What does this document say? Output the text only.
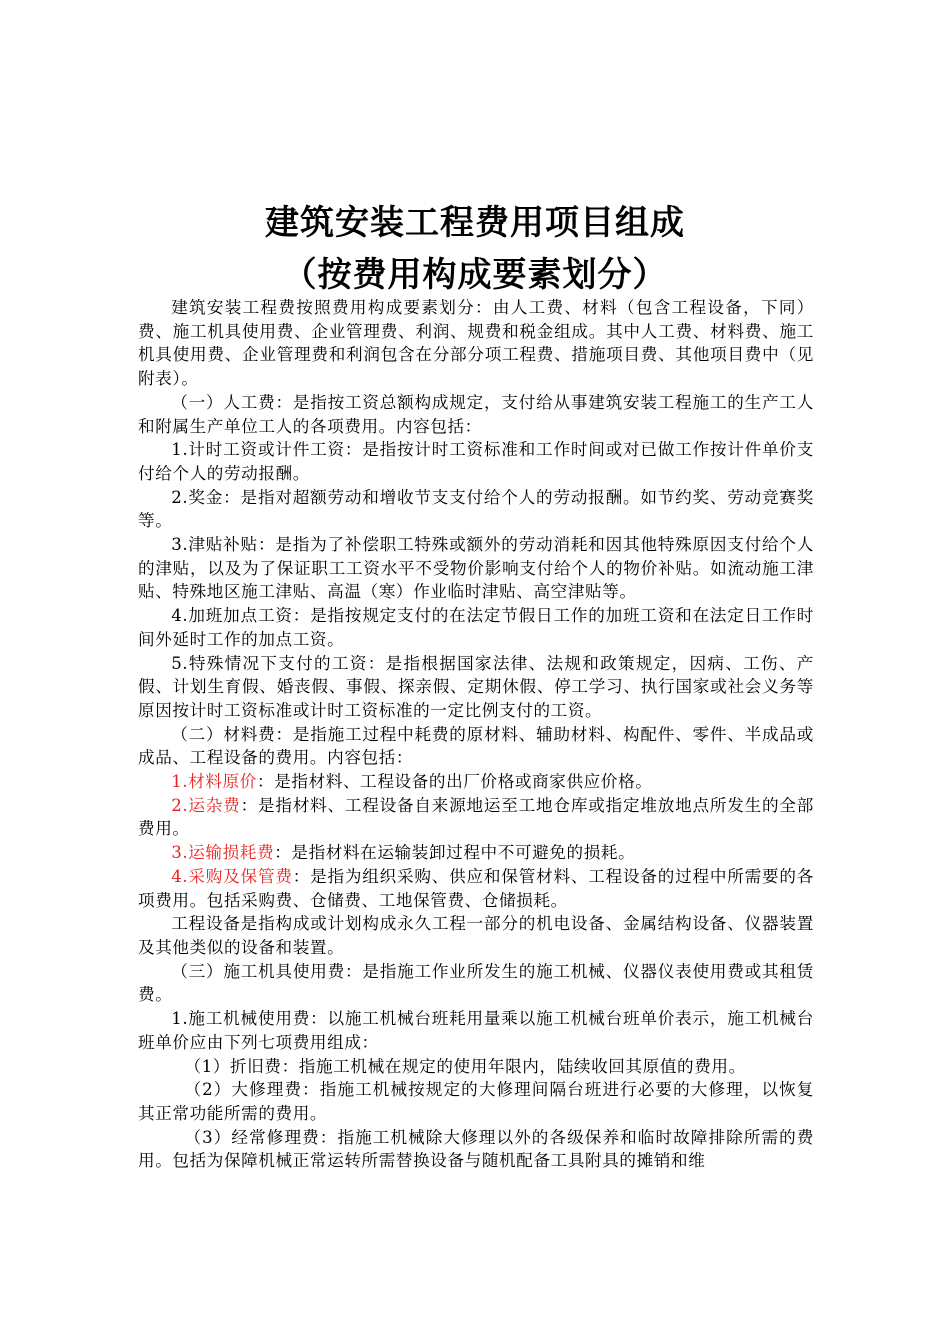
建筑安装工程费用项目组成
（按费用构成要素划分）

建筑安装工程费按照费用构成要素划分：由人工费、材料（包含工程设备，下同）费、施工机具使用费、企业管理费、利润、规费和税金组成。其中人工费、材料费、施工机具使用费、企业管理费和利润包含在分部分项工程费、措施项目费、其他项目费中（见附表）。

（一）人工费：是指按工资总额构成规定，支付给从事建筑安装工程施工的生产工人和附属生产单位工人的各项费用。内容包括：

1.计时工资或计件工资：是指按计时工资标准和工作时间或对已做工作按计件单价支付给个人的劳动报酬。

2.奖金：是指对超额劳动和增收节支支付给个人的劳动报酬。如节约奖、劳动竞赛奖等。

3.津贴补贴：是指为了补偿职工特殊或额外的劳动消耗和因其他特殊原因支付给个人的津贴，以及为了保证职工工资水平不受物价影响支付给个人的物价补贴。如流动施工津贴、特殊地区施工津贴、高温（寒）作业临时津贴、高空津贴等。

4.加班加点工资：是指按规定支付的在法定节假日工作的加班工资和在法定日工作时间外延时工作的加点工资。

5.特殊情况下支付的工资：是指根据国家法律、法规和政策规定，因病、工伤、产假、计划生育假、婚丧假、事假、探亲假、定期休假、停工学习、执行国家或社会义务等原因按计时工资标准或计时工资标准的一定比例支付的工资。

（二）材料费：是指施工过程中耗费的原材料、辅助材料、构配件、零件、半成品或成品、工程设备的费用。内容包括：

1.材料原价：是指材料、工程设备的出厂价格或商家供应价格。

2.运杂费：是指材料、工程设备自来源地运至工地仓库或指定堆放地点所发生的全部费用。

3.运输损耗费：是指材料在运输装卸过程中不可避免的损耗。

4.采购及保管费：是指为组织采购、供应和保管材料、工程设备的过程中所需要的各项费用。包括采购费、仓储费、工地保管费、仓储损耗。

工程设备是指构成或计划构成永久工程一部分的机电设备、金属结构设备、仪器装置及其他类似的设备和装置。

（三）施工机具使用费：是指施工作业所发生的施工机械、仪器仪表使用费或其租赁费。

1.施工机械使用费：以施工机械台班耗用量乘以施工机械台班单价表示，施工机械台班单价应由下列七项费用组成：

（1）折旧费：指施工机械在规定的使用年限内，陆续收回其原值的费用。

（2）大修理费：指施工机械按规定的大修理间隔台班进行必要的大修理，以恢复其正常功能所需的费用。

（3）经常修理费：指施工机械除大修理以外的各级保养和临时故障排除所需的费用。包括为保障机械正常运转所需替换设备与随机配备工具附具的摊销和维
